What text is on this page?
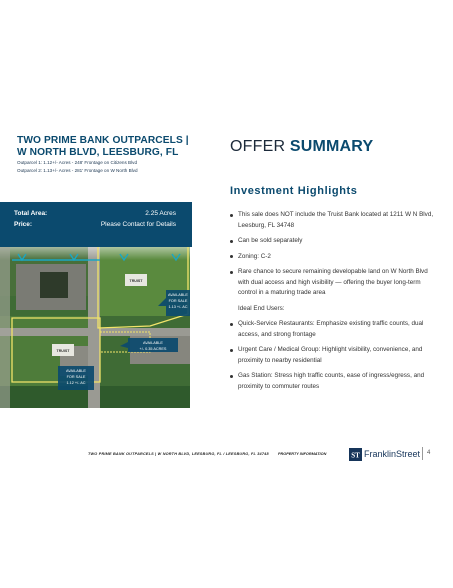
TWO PRIME BANK OUTPARCELS | W NORTH BLVD, LEESBURG, FL
Outparcel 1: 1.12+/- Acres - 248' Frontage on Citizens Blvd
Outparcel 2: 1.13+/- Acres - 281' Frontage on W North Blvd
OFFER SUMMARY
Investment Highlights
TRUIST
TRUIST
AVAILABLE
FOR SALE
1.13 +/- AC
AVAILABLE
+/- 0.35 ACRES
AVAILABLE
FOR SALE
1.12 +/- AC
Total Area:	2.25 Acres
Price:	Please Contact for Details
This sale does NOT include the Truist Bank located at 1211 W N Blvd, Leesburg, FL 34748
Can be sold separately
Zoning: C-2
Rare chance to secure remaining developable land on W North Blvd with dual access and high visibility — offering the buyer long-term control in a maturing trade area
Ideal End Users:
Quick-Service Restaurants: Emphasize existing traffic counts, dual access, and strong frontage
Urgent Care / Medical Group: Highlight visibility, convenience, and proximity to nearby residential
Gas Station: Stress high traffic counts, ease of ingress/egress, and proximity to commuter routes
TWO PRIME BANK OUTPARCELS | W NORTH BLVD, LEESBURG, FL / LEESBURG, FL 34748 PROPERTY INFORMATION	ST FranklinStreet 4
